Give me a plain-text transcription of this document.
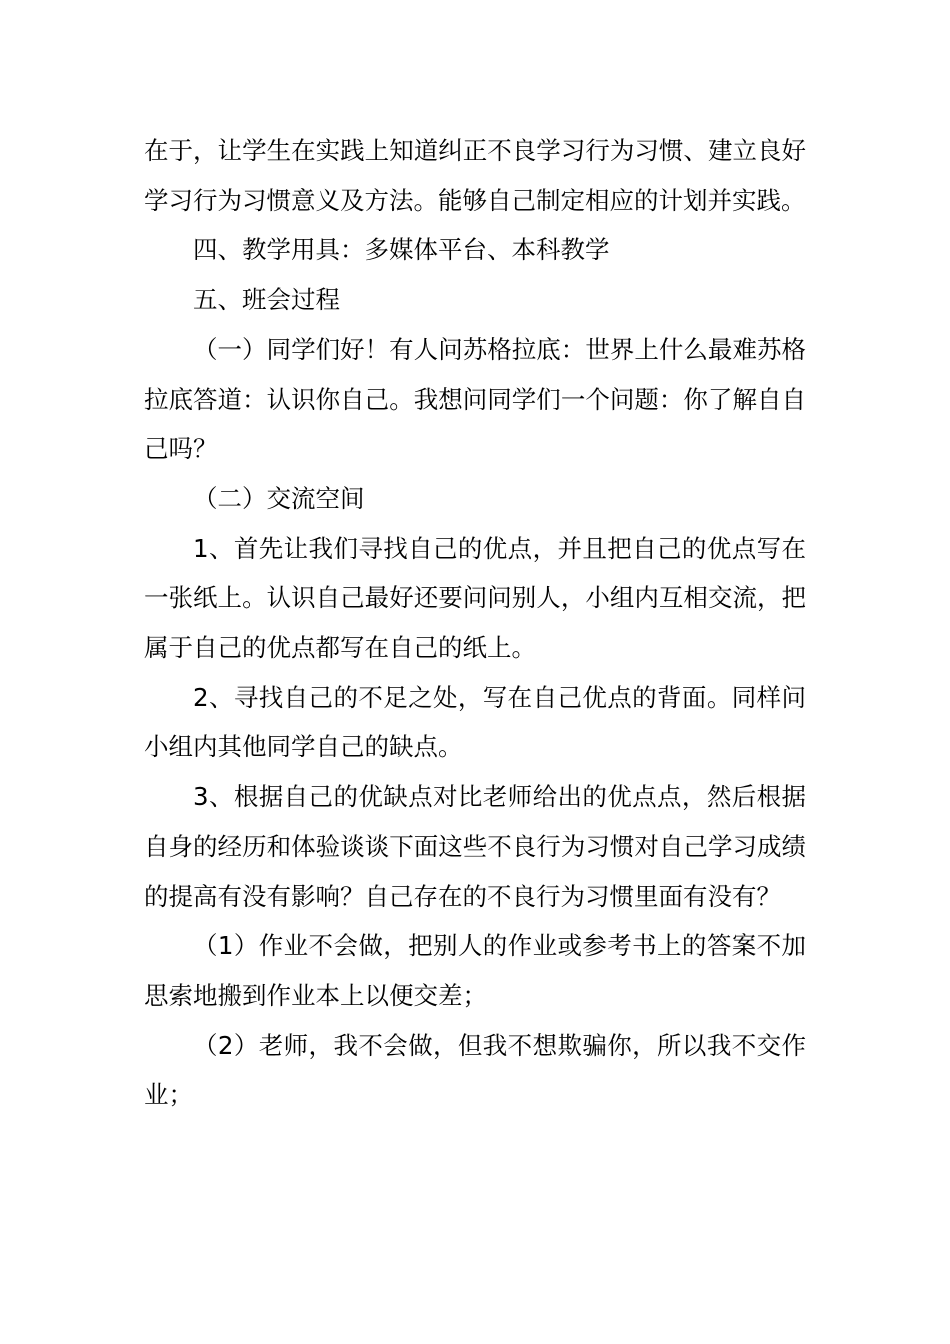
在于，让学生在实践上知道纠正不良学习行为习惯、建立良好学习行为习惯意义及方法。能够自己制定相应的计划并实践。

四、教学用具：多媒体平台、本科教学

五、班会过程

（一）同学们好！有人问苏格拉底：世界上什么最难苏格拉底答道：认识你自己。我想问同学们一个问题：你了解自自己吗？

（二）交流空间

1、首先让我们寻找自己的优点，并且把自己的优点写在一张纸上。认识自己最好还要问问别人，小组内互相交流，把属于自己的优点都写在自己的纸上。

2、寻找自己的不足之处，写在自己优点的背面。同样问小组内其他同学自己的缺点。

3、根据自己的优缺点对比老师给出的优点点，然后根据自身的经历和体验谈谈下面这些不良行为习惯对自己学习成绩的提高有没有影响？自己存在的不良行为习惯里面有没有？

（1）作业不会做，把别人的作业或参考书上的答案不加思索地搬到作业本上以便交差；

（2）老师，我不会做，但我不想欺骗你，所以我不交作业；
